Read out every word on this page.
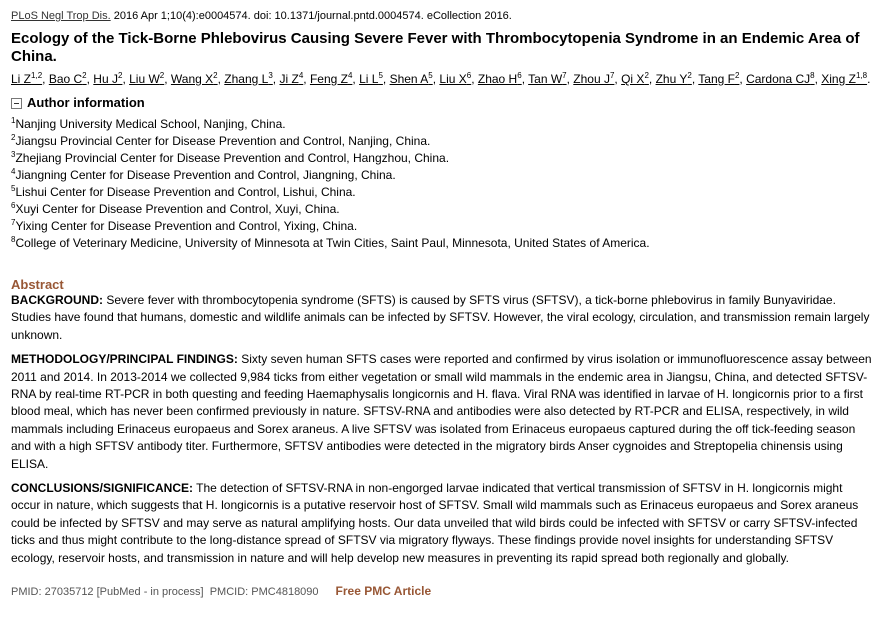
PLoS Negl Trop Dis. 2016 Apr 1;10(4):e0004574. doi: 10.1371/journal.pntd.0004574. eCollection 2016.
Ecology of the Tick-Borne Phlebovirus Causing Severe Fever with Thrombocytopenia Syndrome in an Endemic Area of China.
Li Z$^{1,2}$, Bao C$^2$, Hu J$^2$, Liu W$^2$, Wang X$^2$, Zhang L$^3$, Ji Z$^4$, Feng Z$^4$, Li L$^5$, Shen A$^5$, Liu X$^6$, Zhao H$^6$, Tan W$^7$, Zhou J$^7$, Qi X$^2$, Zhu Y$^2$, Tang F$^2$, Cardona CJ$^8$, Xing Z$^{1,8}$.
Author information
$^1$Nanjing University Medical School, Nanjing, China.
$^2$Jiangsu Provincial Center for Disease Prevention and Control, Nanjing, China.
$^3$Zhejiang Provincial Center for Disease Prevention and Control, Hangzhou, China.
$^4$Jiangning Center for Disease Prevention and Control, Jiangning, China.
$^5$Lishui Center for Disease Prevention and Control, Lishui, China.
$^6$Xuyi Center for Disease Prevention and Control, Xuyi, China.
$^7$Yixing Center for Disease Prevention and Control, Yixing, China.
$^8$College of Veterinary Medicine, University of Minnesota at Twin Cities, Saint Paul, Minnesota, United States of America.
Abstract

BACKGROUND: Severe fever with thrombocytopenia syndrome (SFTS) is caused by SFTS virus (SFTSV), a tick-borne phlebovirus in family Bunyaviridae. Studies have found that humans, domestic and wildlife animals can be infected by SFTSV. However, the viral ecology, circulation, and transmission remain largely unknown.

METHODOLOGY/PRINCIPAL FINDINGS: Sixty seven human SFTS cases were reported and confirmed by virus isolation or immunofluorescence assay between 2011 and 2014. In 2013-2014 we collected 9,984 ticks from either vegetation or small wild mammals in the endemic area in Jiangsu, China, and detected SFTSV-RNA by real-time RT-PCR in both questing and feeding Haemaphysalis longicornis and H. flava. Viral RNA was identified in larvae of H. longicornis prior to a first blood meal, which has never been confirmed previously in nature. SFTSV-RNA and antibodies were also detected by RT-PCR and ELISA, respectively, in wild mammals including Erinaceus europaeus and Sorex araneus. A live SFTSV was isolated from Erinaceus europaeus captured during the off tick-feeding season and with a high SFTSV antibody titer. Furthermore, SFTSV antibodies were detected in the migratory birds Anser cygnoides and Streptopelia chinensis using ELISA.

CONCLUSIONS/SIGNIFICANCE: The detection of SFTSV-RNA in non-engorged larvae indicated that vertical transmission of SFTSV in H. longicornis might occur in nature, which suggests that H. longicornis is a putative reservoir host of SFTSV. Small wild mammals such as Erinaceus europaeus and Sorex araneus could be infected by SFTSV and may serve as natural amplifying hosts. Our data unveiled that wild birds could be infected with SFTSV or carry SFTSV-infected ticks and thus might contribute to the long-distance spread of SFTSV via migratory flyways. These findings provide novel insights for understanding SFTSV ecology, reservoir hosts, and transmission in nature and will help develop new measures in preventing its rapid spread both regionally and globally.

PMID: 27035712 [PubMed - in process]  PMCID: PMC4818090 Free PMC Article
